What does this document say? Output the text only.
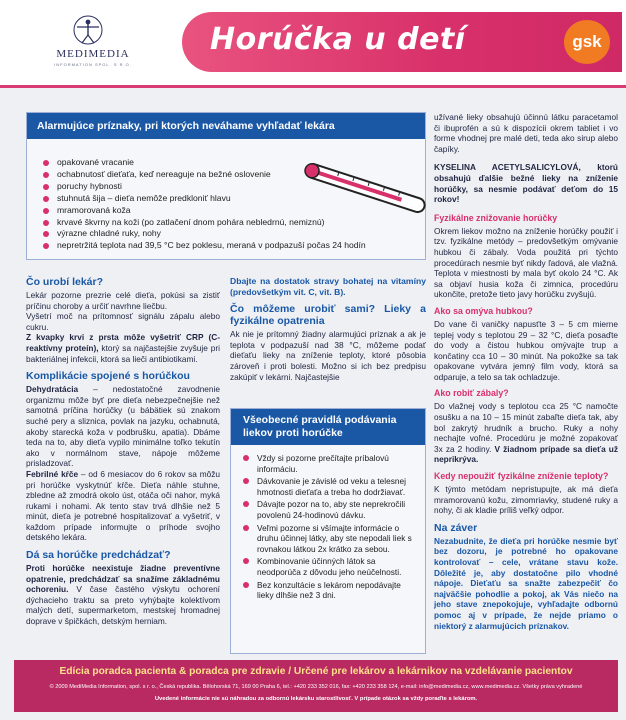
MEDIMEDIA
INFORMATION SPOL. S R.O.
Horúčka u detí	gsk
Alarmujúce príznaky, pri ktorých neváhame vyhľadať lekára
opakované vracanie
ochabnutosť dieťaťa, keď nereaguje na bežné oslovenie
poruchy hybnosti
stuhnutá šija – dieťa nemôže predkloniť hlavu
mramorovaná koža
krvavé škvrny na koži (po zatlačení dnom pohára nebledrnú, nemiznú)
výrazne chladné ruky, nohy
nepretržitá teplota nad 39,5 °C bez poklesu, meraná v podpazuší počas 24 hodín
Čo urobí lekár?

Lekár pozorne prezrie celé dieťa, pokúsi sa zistiť príčinu choroby a určiť navrhne liečbu.

Vyšetrí moč na prítomnosť signálu zápalu alebo cukru.

Z kvapky krvi z prsta môže vyšetriť CRP (C-reaktívny proteín), ktorý sa najčastejšie zvyšuje pri bakteriálnej infekcii, ktorá sa lieči antibiotikami.

Komplikácie spojené s horúčkou

Dehydratácia – nedostatočné zavodnenie organizmu môže byť pre dieťa nebezpečnejšie než samotná príčina horúčky (u bábätiek sú znakom suché pery a sliznica, povlak na jazyku, ochabnutá, akoby starecká koža v podbrušku, apatia). Dbáme teda na to, aby dieťa vypilo minimálne toľko tekutín ako v normálnom stave, nápoje môžeme prisladzovať.

Febrilné kŕče – od 6 mesiacov do 6 rokov sa môžu pri horúčke vyskytnúť kŕče. Dieťa náhle stuhne, zbledne až zmodrá okolo úst, otáča oči nahor, myká rukami i nohami. Ak tento stav trvá dlhšie než 5 minút, dieťa je potrebné hospitalizovať a vyšetriť, v každom prípade informujte o príhode svojho detského lekára.

Dá sa horúčke predchádzať?

Proti horúčke neexistuje žiadne preventívne opatrenie, predchádzať sa snažíme základnému ochoreniu. V čase častého výskytu ochorení dýchacieho traktu sa preto vyhýbajte kolektívom malých detí, supermarketom, mestskej hromadnej doprave v špičkách, detským herniam.

Dbajte na dostatok stravy bohatej na vitamíny (predovšetkým vit. C, vit. B).

Čo môžeme urobiť sami? Lieky a fyzikálne opatrenia

Ak nie je prítomný žiadny alarmujúci príznak a ak je teplota v podpazuší nad 38 °C, môžeme podať dieťaťu lieky na zníženie teploty, ktoré pôsobia zároveň i proti bolesti. Možno si ich bez predpisu zakúpiť v lekárni. Najčastejšie

Všeobecné pravidlá podávania liekov proti horúčke
Vždy si pozorne prečítajte príbalovú informáciu.
Dávkovanie je závislé od veku a telesnej hmotnosti dieťaťa a treba ho dodržiavať.
Dávajte pozor na to, aby ste neprekročili povolenú 24-hodinovú dávku.
Veľmi pozorne si všímajte informácie o druhu účinnej látky, aby ste nepodali liek s rovnakou látkou 2x krátko za sebou.
Kombinovanie účinných látok sa neodporúča z dôvodu jeho neúčelnosti.
Bez konzultácie s lekárom nepodávajte lieky dlhšie než 3 dni.

užívané lieky obsahujú účinnú látku paracetamol či ibuprofén a sú k dispozícii okrem tabliet i vo forme vhodnej pre malé deti, teda ako sirup alebo čapíky.

KYSELINA ACETYLSALICYLOVÁ, ktorú obsahujú ďalšie bežné lieky na zníženie horúčky, sa nesmie podávať deťom do 15 rokov!

Fyzikálne znižovanie horúčky

Okrem liekov možno na zníženie horúčky použiť i tzv. fyzikálne metódy – predovšetkým omývanie hubkou či zábaly. Voda použitá pri týchto procedúrach nesmie byť nikdy ľadová, ale vlažná. Teplota v miestnosti by mala byť okolo 24 °C. Ak sa objaví husia koža či zimnica, procedúru ukončite, pretože tieto javy horúčku zvyšujú.

Ako sa omýva hubkou?

Do vane či vaničky napusťte 3 – 5 cm mierne teplej vody s teplotou 29 – 32 °C, dieťa posaďte do vody a čistou hubkou omývajte trup a končatiny cca 10 – 30 minút. Na pokožke sa tak opakovane vytvára jemný film vody, ktorá sa odparuje, a telo sa tak ochladzuje.

Ako robiť zábaly?

Do vlažnej vody s teplotou cca 25 °C namočte osušku a na 10 – 15 minút zabaľte dieťa tak, aby bol zakrytý hrudník a brucho. Ruky a nohy nechajte voľné. Procedúru je možné zopakovať 3x za 2 hodiny. V žiadnom prípade sa dieťa už neprikrýva.

Kedy nepoužiť fyzikálne zníženie teploty?

K týmto metódam nepristupujte, ak má dieťa mramorovanú kožu, zimomriavky, studené ruky a nohy, či ak kladie príliš veľký odpor.

Na záver

Nezabudnite, že dieťa pri horúčke nesmie byť bez dozoru, je potrebné ho opakovane kontrolovať – cele, vrátane stavu kože. Dôležité je, aby dostatočne pilo vhodné nápoje. Dieťaťu sa snažte zabezpečiť čo najväčšie pohodlie a pokoj, ak Vás niečo na jeho stave znepokojuje, vyhľadajte odbornú pomoc aj v prípade, že nejde priamo o niektorý z alarmujúcich príznakov.

Edícia poradca pacienta & poradca pre zdravie / Určené pre lekárov a lekárnikov na vzdelávanie pacientov
© 2009 MediMedia Information, spol. s r. o., Česká republika. Bělohorská 71, 169 00 Praha 6, tel.: +420 233 352 016, fax: +420 233 358 124, e-mail: info@medimedia.cz, www.medimedia.cz. Všetky práva vyhradené
Uvedené informácie nie sú náhradou za odbornú lekársku starostlivosť. V prípade otázok sa vždy poraďte s lekárom.
